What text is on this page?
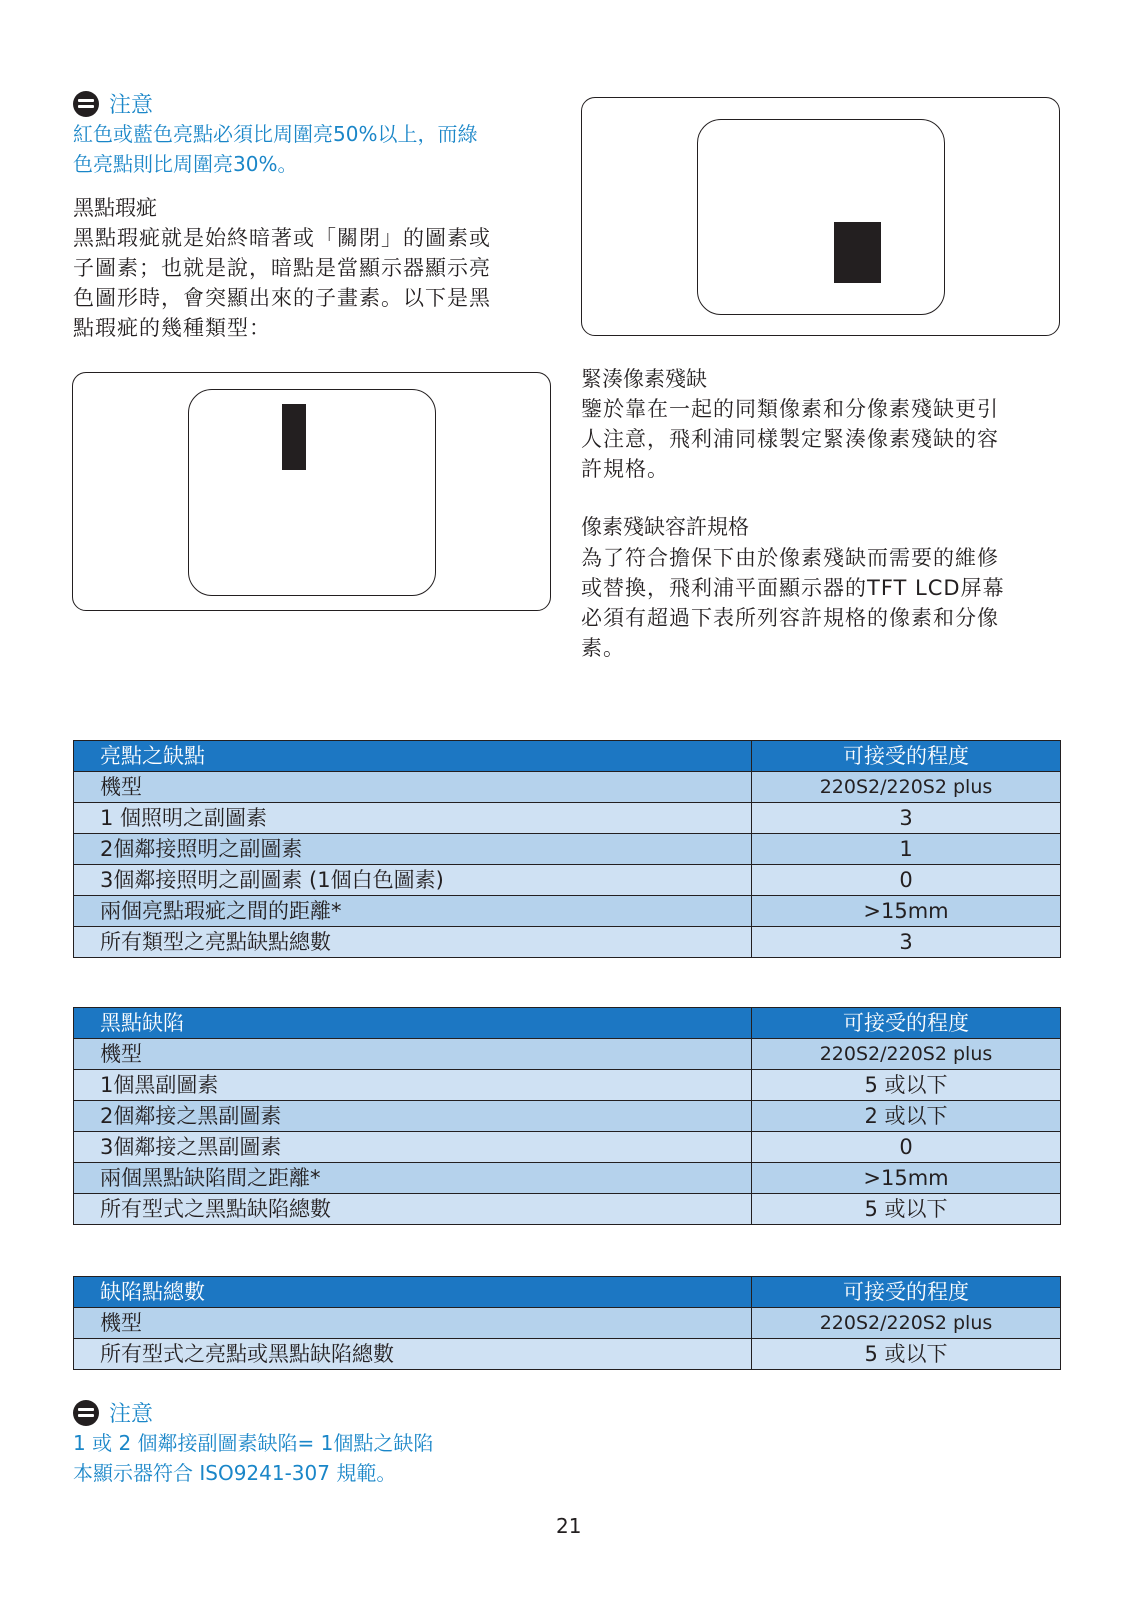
注意
紅色或藍色亮點必須比周圍亮50%以上，而綠
色亮點則比周圍亮30%。
黑點瑕疵
黑點瑕疵就是始終暗著或「關閉」的圖素或
子圖素；也就是說，暗點是當顯示器顯示亮
色圖形時，會突顯出來的子畫素。以下是黑
點瑕疵的幾種類型：
緊湊像素殘缺
鑒於靠在一起的同類像素和分像素殘缺更引
人注意，飛利浦同樣製定緊湊像素殘缺的容
許規格。
像素殘缺容許規格
為了符合擔保下由於像素殘缺而需要的維修
或替換，飛利浦平面顯示器的TFT LCD屏幕
必須有超過下表所列容許規格的像素和分像
素。
亮點之缺點	可接受的程度
機型	220S2/220S2 plus
1 個照明之副圖素	3
2個鄰接照明之副圖素	1
3個鄰接照明之副圖素 (1個白色圖素)	0
兩個亮點瑕疵之間的距離*	>15mm
所有類型之亮點缺點總數	3
黑點缺陷	可接受的程度
機型	220S2/220S2 plus
1個黑副圖素	5 或以下
2個鄰接之黑副圖素	2 或以下
3個鄰接之黑副圖素	0
兩個黑點缺陷間之距離*	>15mm
所有型式之黑點缺陷總數	5 或以下
缺陷點總數	可接受的程度
機型	220S2/220S2 plus
所有型式之亮點或黑點缺陷總數	5 或以下
注意
1 或 2 個鄰接副圖素缺陷= 1個點之缺陷
本顯示器符合 ISO9241-307 規範。
21
